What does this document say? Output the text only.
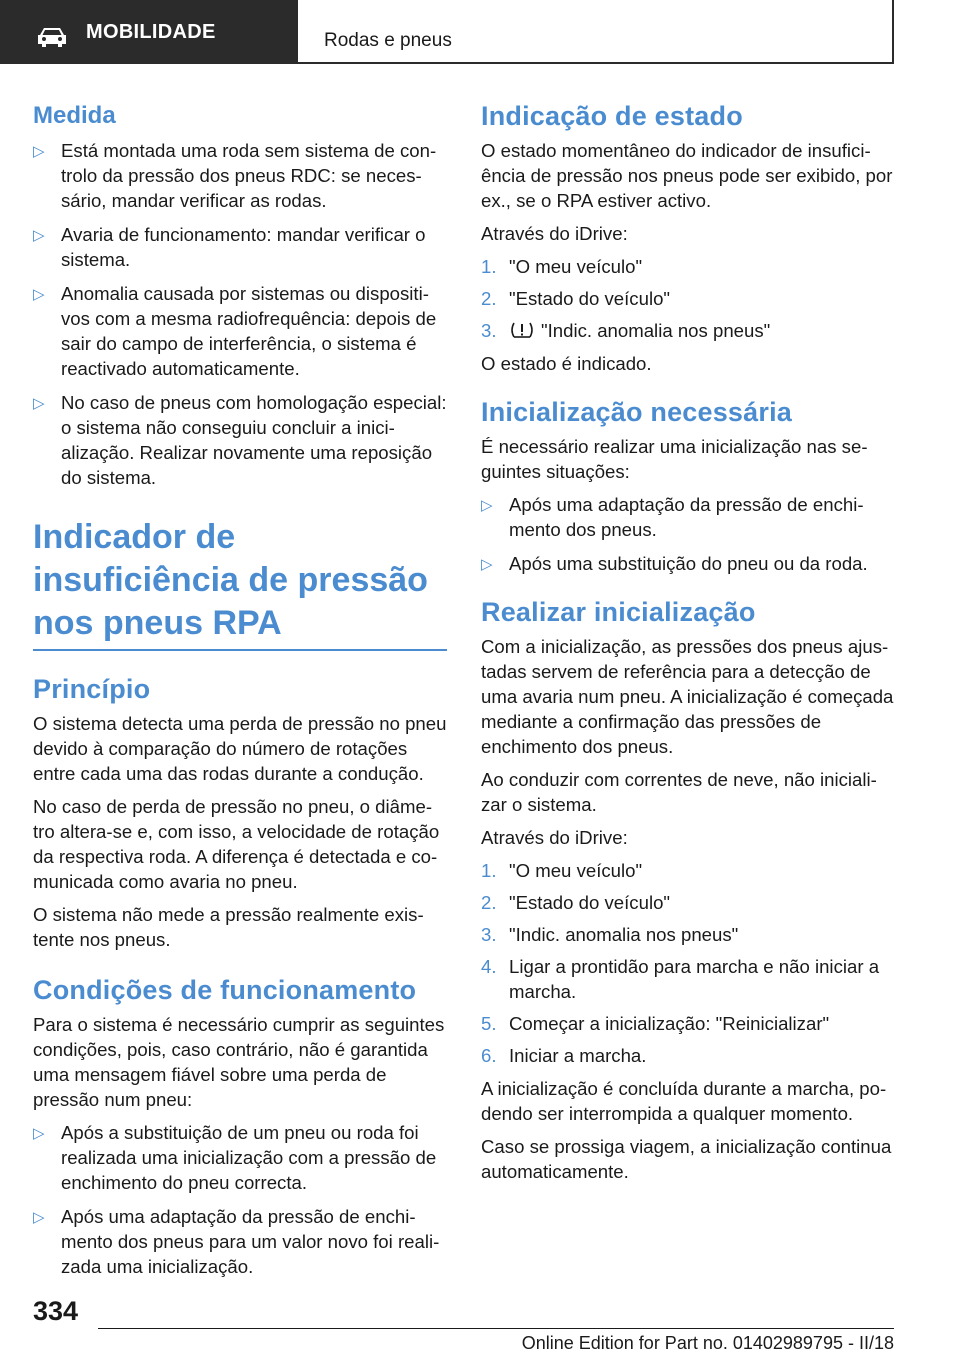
MOBILIDADE	Rodas e pneus
Medida
▷ Está montada uma roda sem sistema de controlo da pressão dos pneus RDC: se necessário, mandar verificar as rodas.
▷ Avaria de funcionamento: mandar verificar o sistema.
▷ Anomalia causada por sistemas ou dispositivos com a mesma radiofrequência: depois de sair do campo de interferência, o sistema é reactivado automaticamente.
▷ No caso de pneus com homologação especial: o sistema não conseguiu concluir a inicialização. Realizar novamente uma reposição do sistema.
Indicador de insuficiência de pressão nos pneus RPA
Princípio

O sistema detecta uma perda de pressão no pneu devido à comparação do número de rotações entre cada uma das rodas durante a condução.

No caso de perda de pressão no pneu, o diâmetro altera-se e, com isso, a velocidade de rotação da respectiva roda. A diferença é detectada e comunicada como avaria no pneu.

O sistema não mede a pressão realmente existente nos pneus.

Condições de funcionamento

Para o sistema é necessário cumprir as seguintes condições, pois, caso contrário, não é garantida uma mensagem fiável sobre uma perda de pressão num pneu:

▷ Após a substituição de um pneu ou roda foi realizada uma inicialização com a pressão de enchimento do pneu correcta.
▷ Após uma adaptação da pressão de enchimento dos pneus para um valor novo foi realizada uma inicialização.
Indicação de estado

O estado momentâneo do indicador de insuficiência de pressão nos pneus pode ser exibido, por ex., se o RPA estiver activo.

Através do iDrive:

1. "O meu veículo"
2. "Estado do veículo"
3. "Indic. anomalia nos pneus"

O estado é indicado.

Inicialização necessária

É necessário realizar uma inicialização nas seguintes situações:

▷ Após uma adaptação da pressão de enchimento dos pneus.
▷ Após uma substituição do pneu ou da roda.
Realizar inicialização

Com a inicialização, as pressões dos pneus ajustadas servem de referência para a detecção de uma avaria num pneu. A inicialização é começada mediante a confirmação das pressões de enchimento dos pneus.

Ao conduzir com correntes de neve, não inicializar o sistema.

Através do iDrive:

1. "O meu veículo"
2. "Estado do veículo"
3. "Indic. anomalia nos pneus"
4. Ligar a prontidão para marcha e não iniciar a marcha.
5. Começar a inicialização: "Reinicializar"
6. Iniciar a marcha.

A inicialização é concluída durante a marcha, podendo ser interrompida a qualquer momento.

Caso se prossiga viagem, a inicialização continua automaticamente.

334
Online Edition for Part no. 01402989795 - II/18
